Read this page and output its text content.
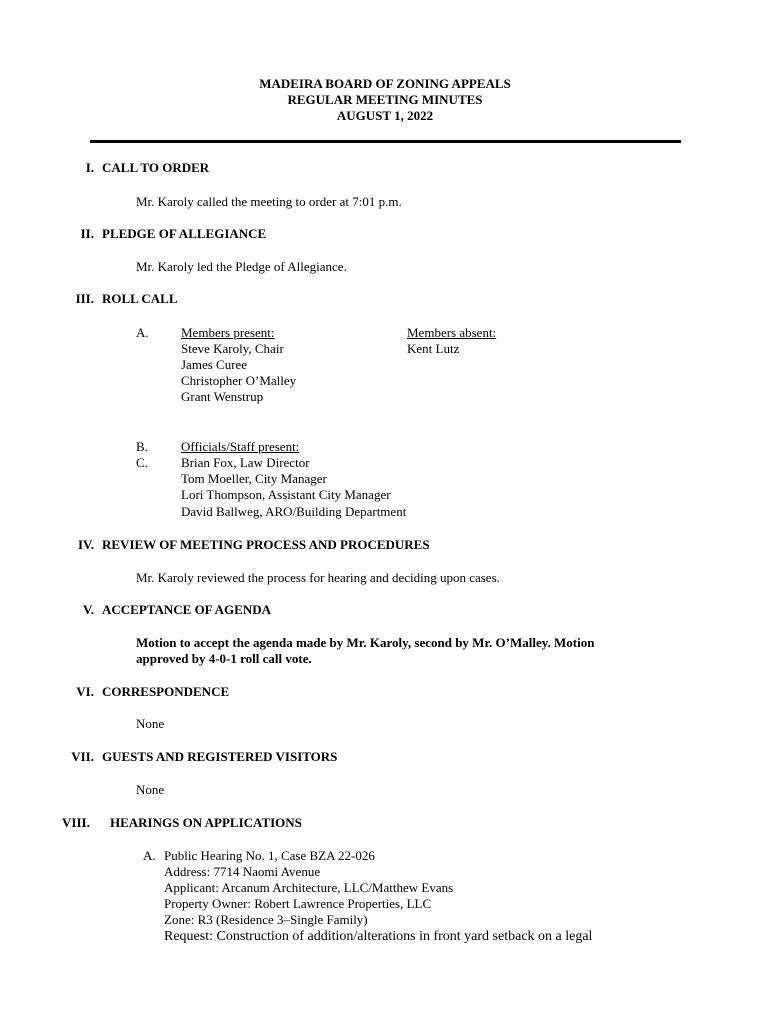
MADEIRA BOARD OF ZONING APPEALS
REGULAR MEETING MINUTES
AUGUST 1, 2022
I. CALL TO ORDER
Mr. Karoly called the meeting to order at 7:01 p.m.
II. PLEDGE OF ALLEGIANCE
Mr. Karoly led the Pledge of Allegiance.
III. ROLL CALL
A. Members present:
Steve Karoly, Chair
James Curee
Christopher O’Malley
Grant Wenstrup
Members absent:
Kent Lutz
B.
C.
Officials/Staff present:
Brian Fox, Law Director
Tom Moeller, City Manager
Lori Thompson, Assistant City Manager
David Ballweg, ARO/Building Department
IV. REVIEW OF MEETING PROCESS AND PROCEDURES
Mr. Karoly reviewed the process for hearing and deciding upon cases.
V. ACCEPTANCE OF AGENDA
Motion to accept the agenda made by Mr. Karoly, second by Mr. O’Malley. Motion
approved by 4-0-1 roll call vote.
VI. CORRESPONDENCE
None
VII. GUESTS AND REGISTERED VISITORS
None
VIII. HEARINGS ON APPLICATIONS
A. Public Hearing No. 1, Case BZA 22-026
Address: 7714 Naomi Avenue
Applicant: Arcanum Architecture, LLC/Matthew Evans
Property Owner: Robert Lawrence Properties, LLC
Zone: R3 (Residence 3–Single Family)
Request: Construction of addition/alterations in front yard setback on a legal
